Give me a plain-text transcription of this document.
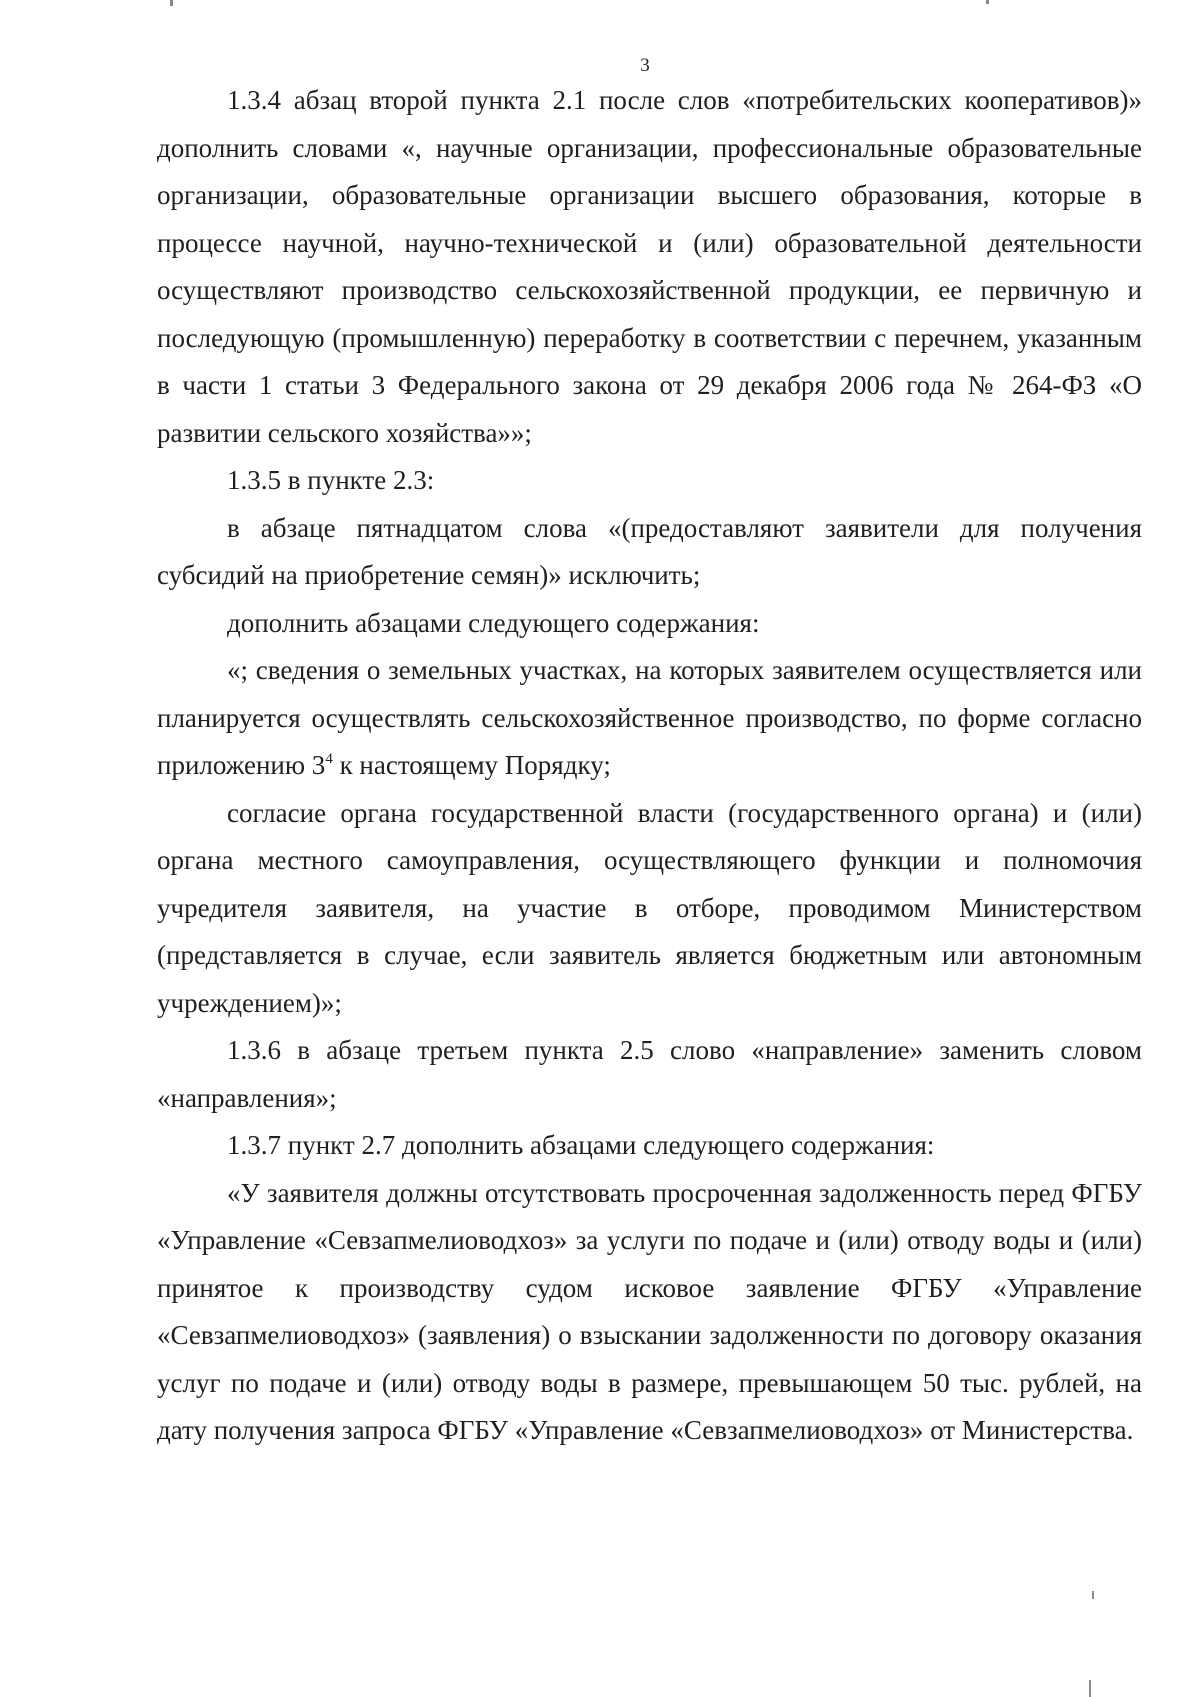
3

1.3.4 абзац второй пункта 2.1 после слов «потребительских кооперативов)» дополнить словами «, научные организации, профессиональные образовательные организации, образовательные организации высшего образования, которые в процессе научной, научно-технической и (или) образовательной деятельности осуществляют производство сельскохозяйственной продукции, ее первичную и последующую (промышленную) переработку в соответствии с перечнем, указанным в части 1 статьи 3 Федерального закона от 29 декабря 2006 года № 264-ФЗ «О развитии сельского хозяйства»»;

1.3.5 в пункте 2.3:

в абзаце пятнадцатом слова «(предоставляют заявители для получения субсидий на приобретение семян)» исключить;

дополнить абзацами следующего содержания:

«; сведения о земельных участках, на которых заявителем осуществляется или планируется осуществлять сельскохозяйственное производство, по форме согласно приложению $3^4$ к настоящему Порядку;

согласие органа государственной власти (государственного органа) и (или) органа местного самоуправления, осуществляющего функции и полномочия учредителя заявителя, на участие в отборе, проводимом Министерством (представляется в случае, если заявитель является бюджетным или автономным учреждением)»;

1.3.6 в абзаце третьем пункта 2.5 слово «направление» заменить словом «направления»;

1.3.7 пункт 2.7 дополнить абзацами следующего содержания:

«У заявителя должны отсутствовать просроченная задолженность перед ФГБУ «Управление «Севзапмелиоводхоз» за услуги по подаче и (или) отводу воды и (или) принятое к производству судом исковое заявление ФГБУ «Управление «Севзапмелиоводхоз» (заявления) о взыскании задолженности по договору оказания услуг по подаче и (или) отводу воды в размере, превышающем 50 тыс. рублей, на дату получения запроса ФГБУ «Управление «Севзапмелиоводхоз» от Министерства.
